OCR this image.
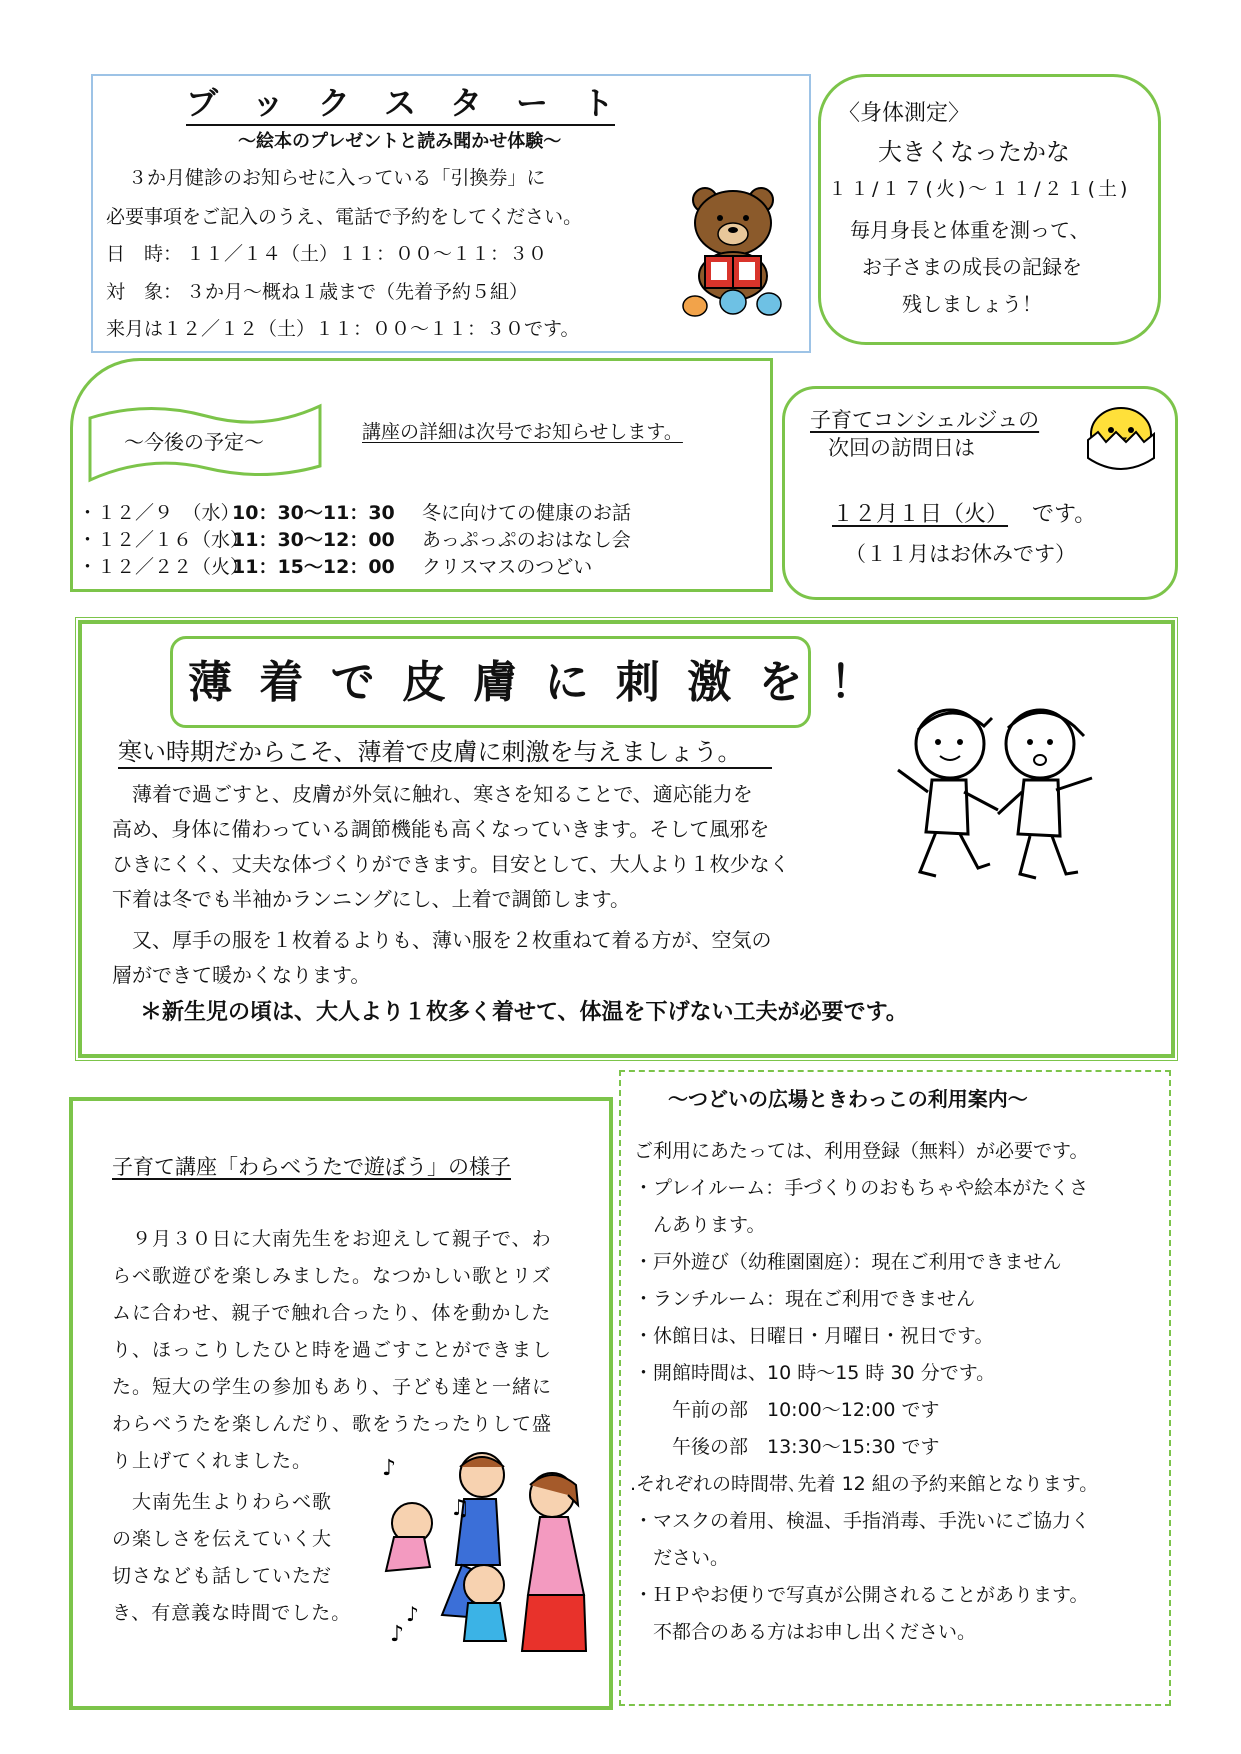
ブ　ッ　ク　ス　タ　ー　ト
～絵本のプレゼントと読み聞かせ体験～
３か月健診のお知らせに入っている「引換券」に
必要事項をご記入のうえ、電話で予約をしてください。
日　時： １１／１４（土）１１：００～１１：３０
対　象： ３か月～概ね１歳まで（先着予約５組）
来月は１２／１２（土）１１：００～１１：３０です。
〈身体測定〉
大きくなったかな
１１/１７(火)～１１/２１(土)
毎月身長と体重を測って、
お子さまの成長の記録を
残しましょう！
～今後の予定～	講座の詳細は次号でお知らせします。
・１２／９　（水）10：30～11：30 冬に向けての健康のお話
・１２／１６（水）11：30～12：00 あっぷっぷのおはなし会
・１２／２２（火）11：15～12：00 クリスマスのつどい
子育てコンシェルジュの
次回の訪問日は
１２月１日（火） です。
（１１月はお休みです）
薄 着 で 皮 膚 に 刺 激 を ！
寒い時期だからこそ、薄着で皮膚に刺激を与えましょう。
　薄着で過ごすと、皮膚が外気に触れ、寒さを知ることで、適応能力を
高め、身体に備わっている調節機能も高くなっていきます。そして風邪を
ひきにくく、丈夫な体づくりができます。目安として、大人より１枚少なく
下着は冬でも半袖かランニングにし、上着で調節します。
　又、厚手の服を１枚着るよりも、薄い服を２枚重ねて着る方が、空気の
層ができて暖かくなります。
＊新生児の頃は、大人より１枚多く着せて、体温を下げない工夫が必要です。
子育て講座「わらべうたで遊ぼう」の様子
　９月３０日に大南先生をお迎えして親子で、わ
らべ歌遊びを楽しみました。なつかしい歌とリズ
ムに合わせ、親子で触れ合ったり、体を動かした
り、ほっこりしたひと時を過ごすことができまし
た。短大の学生の参加もあり、子ども達と一緒に
わらべうたを楽しんだり、歌をうたったりして盛
り上げてくれました。
　大南先生よりわらべ歌
の楽しさを伝えていく大
切さなども話していただ
き、有意義な時間でした。
♪
♫
♪
♪
～つどいの広場ときわっこの利用案内～
ご利用にあたっては、利用登録（無料）が必要です。
・プレイルーム：手づくりのおもちゃや絵本がたくさ
　んあります。
・戸外遊び（幼稚園園庭）：現在ご利用できません
・ランチルーム：現在ご利用できません
・休館日は、日曜日・月曜日・祝日です。
・開館時間は、10 時～15 時 30 分です。
　　午前の部　10:00～12:00 です
　　午後の部　13:30～15:30 です
.それぞれの時間帯､先着 12 組の予約来館となります。
・マスクの着用、検温、手指消毒、手洗いにご協力く
　ださい。
・ＨＰやお便りで写真が公開されることがあります。
　不都合のある方はお申し出ください。
